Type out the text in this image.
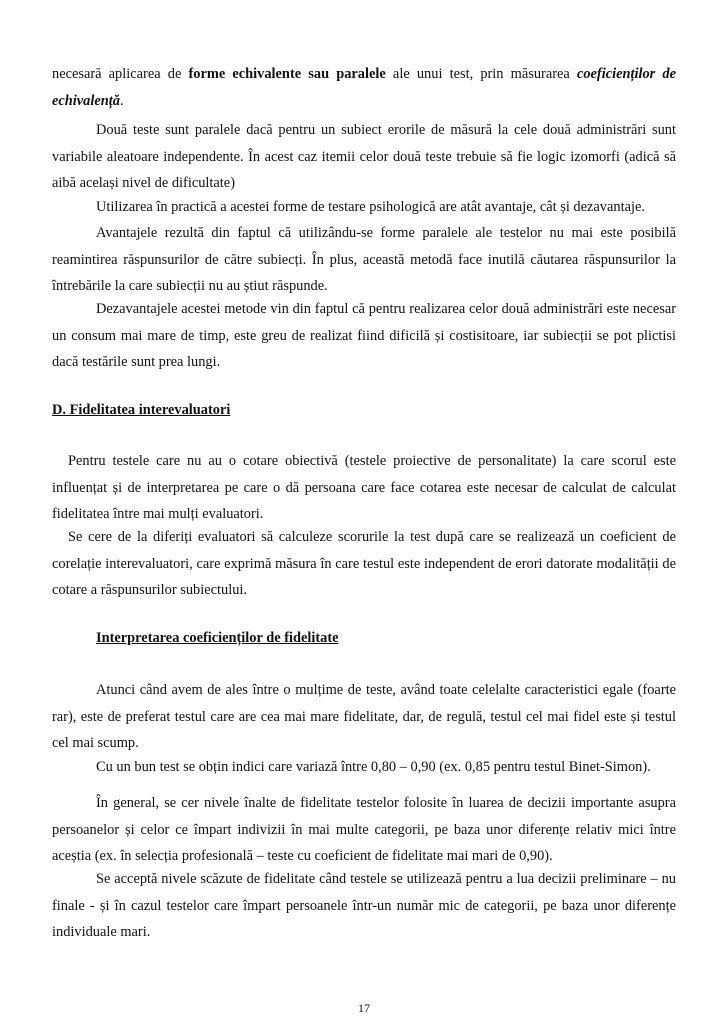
necesară aplicarea de forme echivalente sau paralele ale unui test, prin măsurarea coeficienților de echivalență.

Două teste sunt paralele dacă pentru un subiect erorile de măsură la cele două administrări sunt variabile aleatoare independente. În acest caz itemii celor două teste trebuie să fie logic izomorfi (adică să aibă același nivel de dificultate)

Utilizarea în practică a acestei forme de testare psihologică are atât avantaje, cât și dezavantaje.

Avantajele rezultă din faptul că utilizându-se forme paralele ale testelor nu mai este posibilă reamintirea răspunsurilor de către subiecți. În plus, această metodă face inutilă căutarea răspunsurilor la întrebările la care subiecții nu au știut răspunde.

Dezavantajele acestei metode vin din faptul că pentru realizarea celor două administrări este necesar un consum mai mare de timp, este greu de realizat fiind dificilă și costisitoare, iar subiecții se pot plictisi dacă testările sunt prea lungi.

D. Fidelitatea interevaluatori

Pentru testele care nu au o cotare obiectivă (testele proiective de personalitate) la care scorul este influențat și de interpretarea pe care o dă persoana care face cotarea este necesar de calculat de calculat fidelitatea între mai mulți evaluatori.

Se cere de la diferiți evaluatori să calculeze scorurile la test după care se realizează un coeficient de corelație interevaluatori, care exprimă măsura în care testul este independent de erori datorate modalității de cotare a răspunsurilor subiectului.

Interpretarea coeficienților de fidelitate

Atunci când avem de ales între o mulțime de teste, având toate celelalte caracteristici egale (foarte rar), este de preferat testul care are cea mai mare fidelitate, dar, de regulă, testul cel mai fidel este și testul cel mai scump.

Cu un bun test se obțin indici care variază între 0,80 – 0,90 (ex. 0,85 pentru testul Binet-Simon).

În general, se cer nivele înalte de fidelitate testelor folosite în luarea de decizii importante asupra persoanelor și celor ce împart indivizii în mai multe categorii, pe baza unor diferențe relativ mici între aceștia (ex. în selecția profesională – teste cu coeficient de fidelitate mai mari de 0,90).

Se acceptă nivele scăzute de fidelitate când testele se utilizează pentru a lua decizii preliminare – nu finale - și în cazul testelor care împart persoanele într-un număr mic de categorii, pe baza unor diferențe individuale mari.

17
